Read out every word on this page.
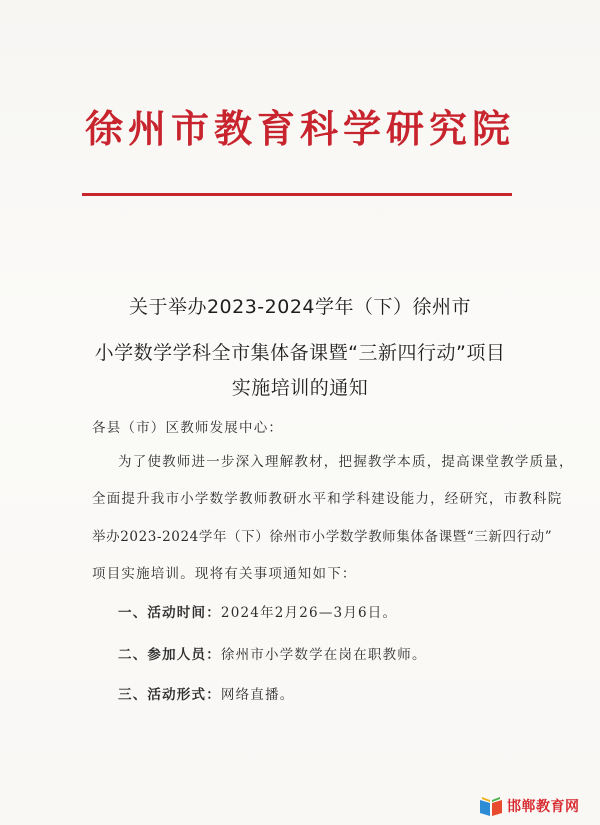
徐州市教育科学研究院
关于举办2023-2024学年（下）徐州市
小学数学学科全市集体备课暨“三新四行动”项目
实施培训的通知
各县（市）区教师发展中心：
为了使教师进一步深入理解教材，把握教学本质，提高课堂教学质量，
全面提升我市小学数学教师教研水平和学科建设能力，经研究，市教科院
举办2023-2024学年（下）徐州市小学数学教师集体备课暨“三新四行动”
项目实施培训。现将有关事项通知如下：
一、活动时间：2024年2月26—3月6日。
二、参加人员：徐州市小学数学在岗在职教师。
三、活动形式：网络直播。
邯郸教育网
